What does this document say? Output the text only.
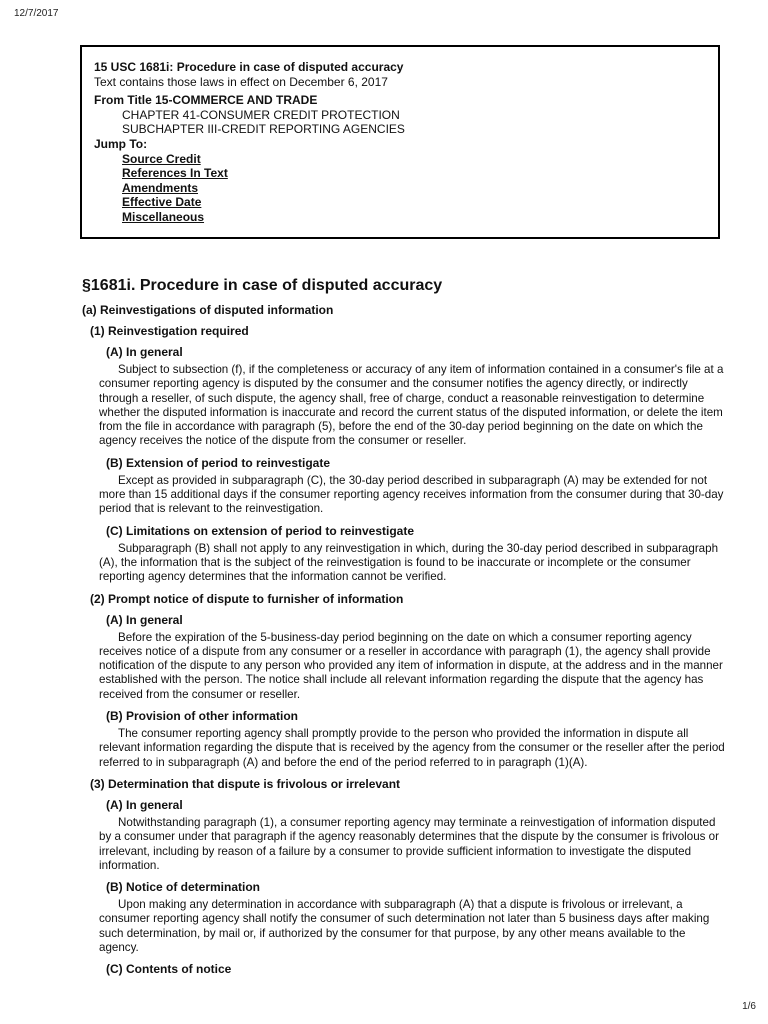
12/7/2017
15 USC 1681i: Procedure in case of disputed accuracy
Text contains those laws in effect on December 6, 2017
From Title 15-COMMERCE AND TRADE
CHAPTER 41-CONSUMER CREDIT PROTECTION
SUBCHAPTER III-CREDIT REPORTING AGENCIES
Jump To:
Source Credit
References In Text
Amendments
Effective Date
Miscellaneous
§1681i. Procedure in case of disputed accuracy
(a) Reinvestigations of disputed information
(1) Reinvestigation required
(A) In general

Subject to subsection (f), if the completeness or accuracy of any item of information contained in a consumer's file at a consumer reporting agency is disputed by the consumer and the consumer notifies the agency directly, or indirectly through a reseller, of such dispute, the agency shall, free of charge, conduct a reasonable reinvestigation to determine whether the disputed information is inaccurate and record the current status of the disputed information, or delete the item from the file in accordance with paragraph (5), before the end of the 30-day period beginning on the date on which the agency receives the notice of the dispute from the consumer or reseller.

(B) Extension of period to reinvestigate

Except as provided in subparagraph (C), the 30-day period described in subparagraph (A) may be extended for not more than 15 additional days if the consumer reporting agency receives information from the consumer during that 30-day period that is relevant to the reinvestigation.

(C) Limitations on extension of period to reinvestigate

Subparagraph (B) shall not apply to any reinvestigation in which, during the 30-day period described in subparagraph (A), the information that is the subject of the reinvestigation is found to be inaccurate or incomplete or the consumer reporting agency determines that the information cannot be verified.

(2) Prompt notice of dispute to furnisher of information
(A) In general

Before the expiration of the 5-business-day period beginning on the date on which a consumer reporting agency receives notice of a dispute from any consumer or a reseller in accordance with paragraph (1), the agency shall provide notification of the dispute to any person who provided any item of information in dispute, at the address and in the manner established with the person. The notice shall include all relevant information regarding the dispute that the agency has received from the consumer or reseller.

(B) Provision of other information

The consumer reporting agency shall promptly provide to the person who provided the information in dispute all relevant information regarding the dispute that is received by the agency from the consumer or the reseller after the period referred to in subparagraph (A) and before the end of the period referred to in paragraph (1)(A).

(3) Determination that dispute is frivolous or irrelevant
(A) In general

Notwithstanding paragraph (1), a consumer reporting agency may terminate a reinvestigation of information disputed by a consumer under that paragraph if the agency reasonably determines that the dispute by the consumer is frivolous or irrelevant, including by reason of a failure by a consumer to provide sufficient information to investigate the disputed information.

(B) Notice of determination

Upon making any determination in accordance with subparagraph (A) that a dispute is frivolous or irrelevant, a consumer reporting agency shall notify the consumer of such determination not later than 5 business days after making such determination, by mail or, if authorized by the consumer for that purpose, by any other means available to the agency.

(C) Contents of notice
1/6
